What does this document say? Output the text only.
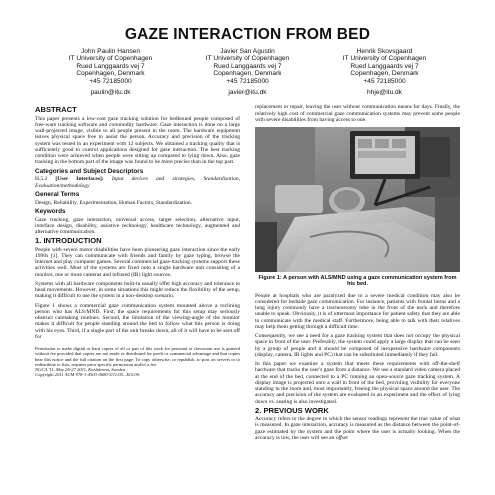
GAZE INTERACTION FROM BED
John Paulin Hansen
IT University of Copenhagen
Rued Langgaards vej 7
Copenhagen, Denmark
+45 72185000
paulin@itu.dk
Javier San Agustin
IT University of Copenhagen
Rued Langgaards vej 7
Copenhagen, Denmark
+45 72185000
javier@itu.dk
Henrik Skovsgaard
IT University of Copenhagen
Rued Langgaards vej 7
Copenhagen, Denmark
+45 72185000
hhje@itu.dk
ABSTRACT

This paper presents a low-cost gaze tracking solution for bedbound people composed of free-ware tracking software and commodity hardware. Gaze interaction is done on a large wall-projected image, visible to all people present in the room. The hardware equipment leaves physical space free to assist the person. Accuracy and precision of the tracking system was tested in an experiment with 12 subjects. We obtained a tracking quality that is sufficiently good to control applications designed for gaze interaction. The best tracking condition were achieved when people were sitting up compared to lying down. Also, gaze tracking in the bottom part of the image was found to be more precise than in the top part.

Categories and Subject Descriptors

H.5.2 [User Interfaces]: Input devices and strategies, Standardization, Evaluation/methodology

General Terms

Design, Reliability, Experimentation, Human Factors, Standardization.

Keywords

Gaze tracking, gaze interaction, universal access, target selection, alternative input, interface design, disability, assistive technology, healthcare technology, augmented and alternative communication.

1. INTRODUCTION

People with severe motor disabilities have been pioneering gaze interaction since the early 1990s [1]. They can communicate with friends and family by gaze typing, browse the Internet and play computer games. Several commercial gaze-tracking systems support these activities well. Most of the systems are fixed onto a single hardware unit consisting of a monitor, one or more cameras and infrared (IR) light sources.

Systems with all hardware components built-in usually offer high accuracy and tolerance to head movements. However, in some situations this might reduce the flexibility of the setup, making it difficult to use the system in a non-desktop scenario.

Figure 1 shows a commercial gaze communication system mounted above a reclining person who has ALS/MND. First, the space requirements for this setup may seriously obstruct caretaking routines. Second, the limitation of the viewing-angle of the monitor makes it difficult for people standing around the bed to follow what this person is doing with his eyes. Third, if a single part of the unit breaks down, all of it will have to be sent off for

Permission to make digital or hard copies of all or part of this work for personal or classroom use is granted without fee provided that copies are not made or distributed for profit or commercial advantage and that copies bear this notice and the full citation on the first page. To copy otherwise, or republish, to post on servers or to redistribute to lists, requires prior specific permission and/or a fee.
NGCA '11, May 26-27 2011, Karlskrona, Sweden
Copyright 2011 ACM 978-1-4503-0680-5/11/05...$10.00.

replacement or repair, leaving the user without communication means for days. Finally, the relatively high cost of commercial gaze communication systems may prevent some people with severe disabilities from having access to one.

Figure 1: A person with ALS/MND using a gaze communication system from his bed.

People at hospitals who are paralyzed due to a severe medical condition may also be considered for bedside gaze communication. For instance, patients with frontal burns and a lung injury commonly have a tracheostomy tube in the front of the neck and therefore unable to speak. Obviously, it is of uttermost importance for patient safety that they are able to communicate with the medical staff. Furthermore, being able to talk with their relatives may help them getting through a difficult time.

Consequently, we see a need for a gaze tracking system that does not occupy the physical space in front of the user. Preferably, the system could apply a large display that can be seen by a group of people and it should be composed of inexpensive hardware components (display, camera, IR lights and PC) that can be substituted immediately if they fail.

In this paper we examine a system that meets these requirements with off-the-shelf hardware that tracks the user's gaze from a distance. We use a standard video camera placed at the end of the bed, connected to a PC running an open-source gaze tracking system. A display image is projected onto a wall in front of the bed, providing visibility for everyone standing in the room and, most importantly, freeing the physical space around the user. The accuracy and precision of the system are evaluated in an experiment and the effect of lying down vs. seating is also investigated.

2. PREVIOUS WORK

Accuracy refers to the degree to which the sensor readings represent the true value of what is measured. In gaze interaction, accuracy is measured as the distance between the point-of-gaze estimated by the system and the point where the user is actually looking. When the accuracy is low, the user will see an offset
